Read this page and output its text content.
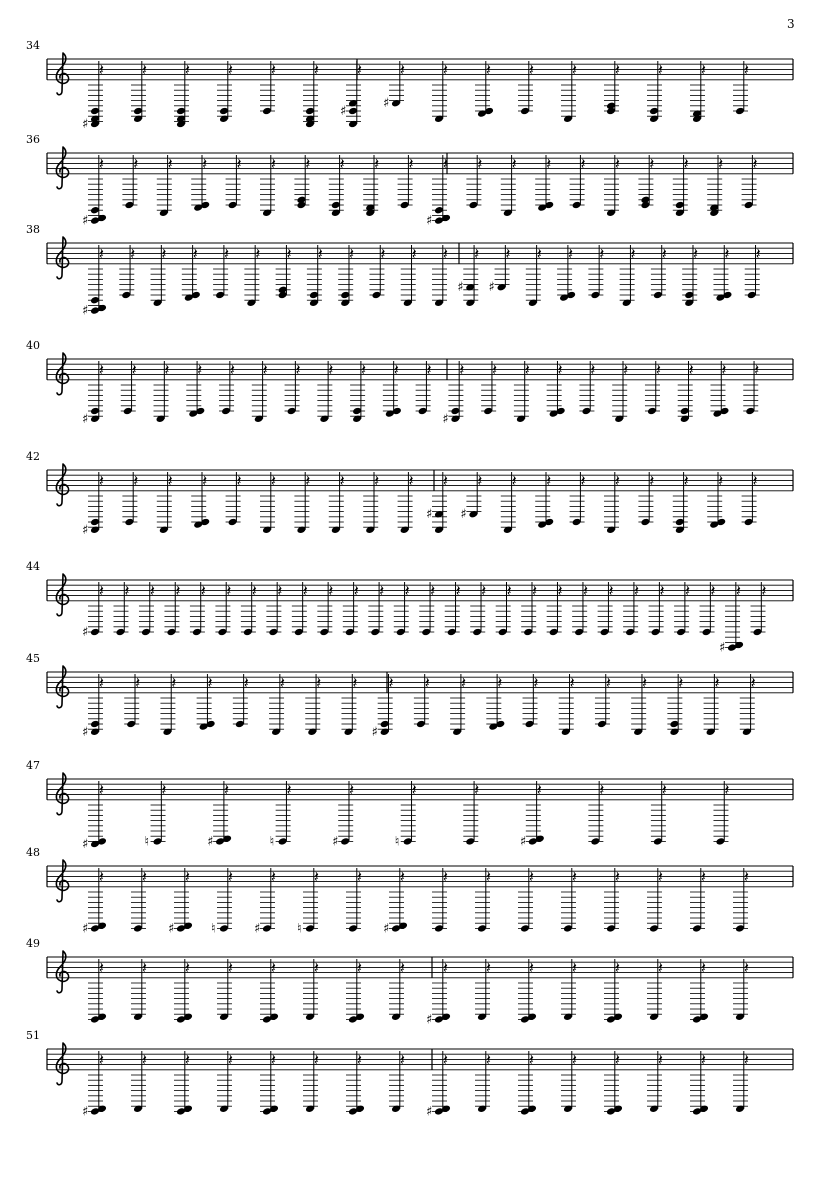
3
34
𝄽
♯
𝄽 𝄽 𝄽 𝄽 𝄽 𝄽
♯
𝄽
♯
𝄽 𝄽 𝄽 𝄽 𝄽 𝄽 𝄽 𝄽
36
𝄽
♯
𝄽 𝄽 𝄽 𝄽 𝄽 𝄽 𝄽 𝄽 𝄽 𝄽
♯
𝄽 𝄽 𝄽 𝄽 𝄽 𝄽 𝄽 𝄽 𝄽
38
𝄽
♯
𝄽 𝄽 𝄽 𝄽 𝄽 𝄽 𝄽 𝄽 𝄽 𝄽 𝄽 𝄽
♯
𝄽
♯
𝄽 𝄽 𝄽 𝄽 𝄽 𝄽 𝄽 𝄽
40
𝄽
♯
𝄽 𝄽 𝄽 𝄽 𝄽 𝄽 𝄽 𝄽 𝄽 𝄽 𝄽
♯
𝄽 𝄽 𝄽 𝄽 𝄽 𝄽 𝄽 𝄽 𝄽
42
𝄽
♯
𝄽 𝄽 𝄽 𝄽 𝄽 𝄽 𝄽 𝄽 𝄽 𝄽
♯
𝄽
♯
𝄽 𝄽 𝄽 𝄽 𝄽 𝄽 𝄽 𝄽
44
𝄽
♯
𝄽 𝄽 𝄽 𝄽 𝄽 𝄽 𝄽 𝄽 𝄽 𝄽 𝄽 𝄽 𝄽 𝄽 𝄽 𝄽 𝄽 𝄽 𝄽 𝄽 𝄽 𝄽 𝄽 𝄽 𝄽
♯
𝄽
45
𝄽
♯
𝄽 𝄽 𝄽 𝄽 𝄽 𝄽 𝄽 𝄽
♯
𝄽 𝄽 𝄽 𝄽 𝄽 𝄽 𝄽 𝄽 𝄽 𝄽
47
𝄽
♯
𝄽
♮
𝄽
♯
𝄽
♮
𝄽
♯
𝄽
♮
𝄽	𝄽
♯
𝄽	𝄽	𝄽
48
𝄽
♯
𝄽 𝄽
♯
𝄽
♮
𝄽
♯
𝄽
♮
𝄽 𝄽
♯
𝄽 𝄽 𝄽 𝄽 𝄽 𝄽 𝄽 𝄽
49
𝄽 𝄽 𝄽 𝄽 𝄽 𝄽 𝄽 𝄽 𝄽
♯
𝄽 𝄽 𝄽 𝄽 𝄽 𝄽 𝄽
51
𝄽
♯
𝄽 𝄽 𝄽 𝄽 𝄽 𝄽 𝄽 𝄽
♯
𝄽 𝄽 𝄽 𝄽 𝄽 𝄽 𝄽
